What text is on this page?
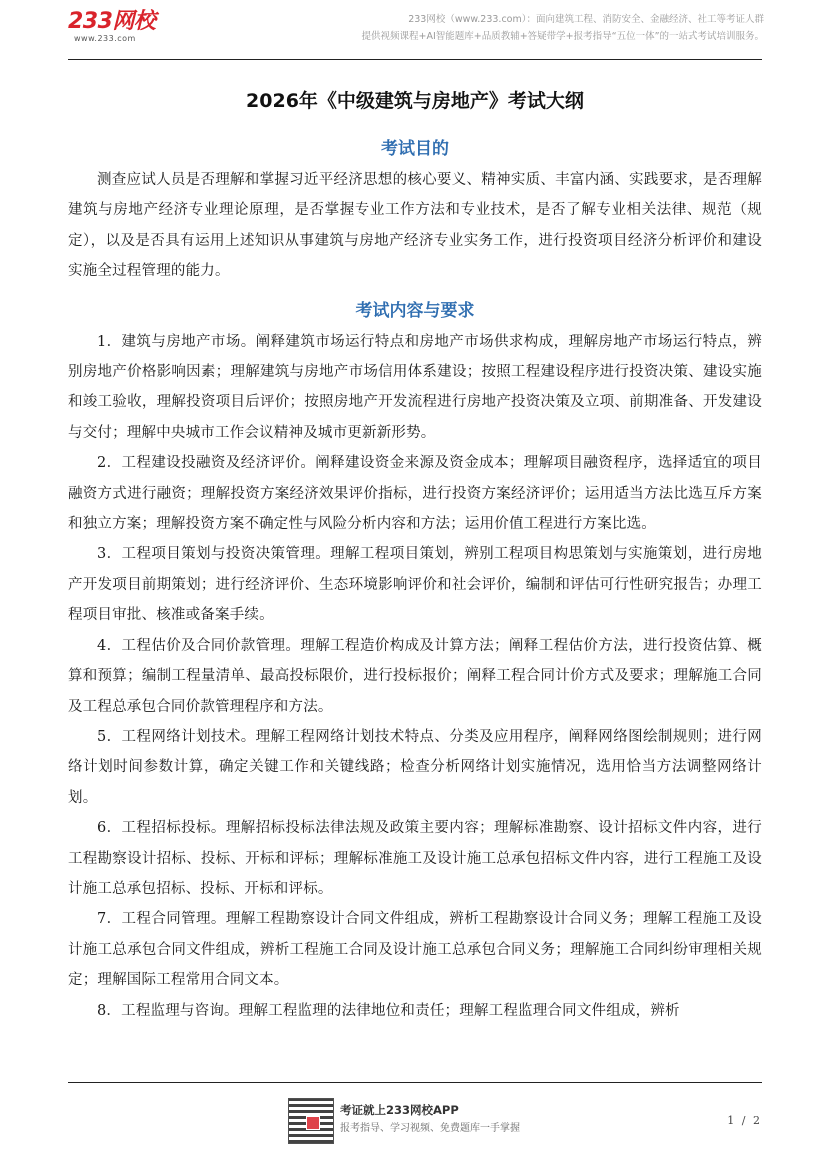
233网校
www.233.com
233网校（www.233.com）：面向建筑工程、消防安全、金融经济、社工等考证人群
提供视频课程+AI智能题库+品质教辅+答疑带学+报考指导“五位一体”的一站式考试培训服务。
2026年《中级建筑与房地产》考试大纲
考试目的

测查应试人员是否理解和掌握习近平经济思想的核心要义、精神实质、丰富内涵、实践要求，是否理解建筑与房地产经济专业理论原理，是否掌握专业工作方法和专业技术，是否了解专业相关法律、规范（规定），以及是否具有运用上述知识从事建筑与房地产经济专业实务工作，进行投资项目经济分析评价和建设实施全过程管理的能力。

考试内容与要求

1．建筑与房地产市场。阐释建筑市场运行特点和房地产市场供求构成，理解房地产市场运行特点，辨别房地产价格影响因素；理解建筑与房地产市场信用体系建设；按照工程建设程序进行投资决策、建设实施和竣工验收，理解投资项目后评价；按照房地产开发流程进行房地产投资决策及立项、前期准备、开发建设与交付；理解中央城市工作会议精神及城市更新新形势。

2．工程建设投融资及经济评价。阐释建设资金来源及资金成本；理解项目融资程序，选择适宜的项目融资方式进行融资；理解投资方案经济效果评价指标，进行投资方案经济评价；运用适当方法比选互斥方案和独立方案；理解投资方案不确定性与风险分析内容和方法；运用价值工程进行方案比选。

3．工程项目策划与投资决策管理。理解工程项目策划，辨别工程项目构思策划与实施策划，进行房地产开发项目前期策划；进行经济评价、生态环境影响评价和社会评价，编制和评估可行性研究报告；办理工程项目审批、核准或备案手续。

4．工程估价及合同价款管理。理解工程造价构成及计算方法；阐释工程估价方法，进行投资估算、概算和预算；编制工程量清单、最高投标限价，进行投标报价；阐释工程合同计价方式及要求；理解施工合同及工程总承包合同价款管理程序和方法。

5．工程网络计划技术。理解工程网络计划技术特点、分类及应用程序，阐释网络图绘制规则；进行网络计划时间参数计算，确定关键工作和关键线路；检查分析网络计划实施情况，选用恰当方法调整网络计划。

6．工程招标投标。理解招标投标法律法规及政策主要内容；理解标准勘察、设计招标文件内容，进行工程勘察设计招标、投标、开标和评标；理解标准施工及设计施工总承包招标文件内容，进行工程施工及设计施工总承包招标、投标、开标和评标。

7．工程合同管理。理解工程勘察设计合同文件组成，辨析工程勘察设计合同义务；理解工程施工及设计施工总承包合同文件组成，辨析工程施工合同及设计施工总承包合同义务；理解施工合同纠纷审理相关规定；理解国际工程常用合同文本。

8．工程监理与咨询。理解工程监理的法律地位和责任；理解工程监理合同文件组成，辨析

考证就上233网校APP
报考指导、学习视频、免费题库一手掌握
1 / 2
